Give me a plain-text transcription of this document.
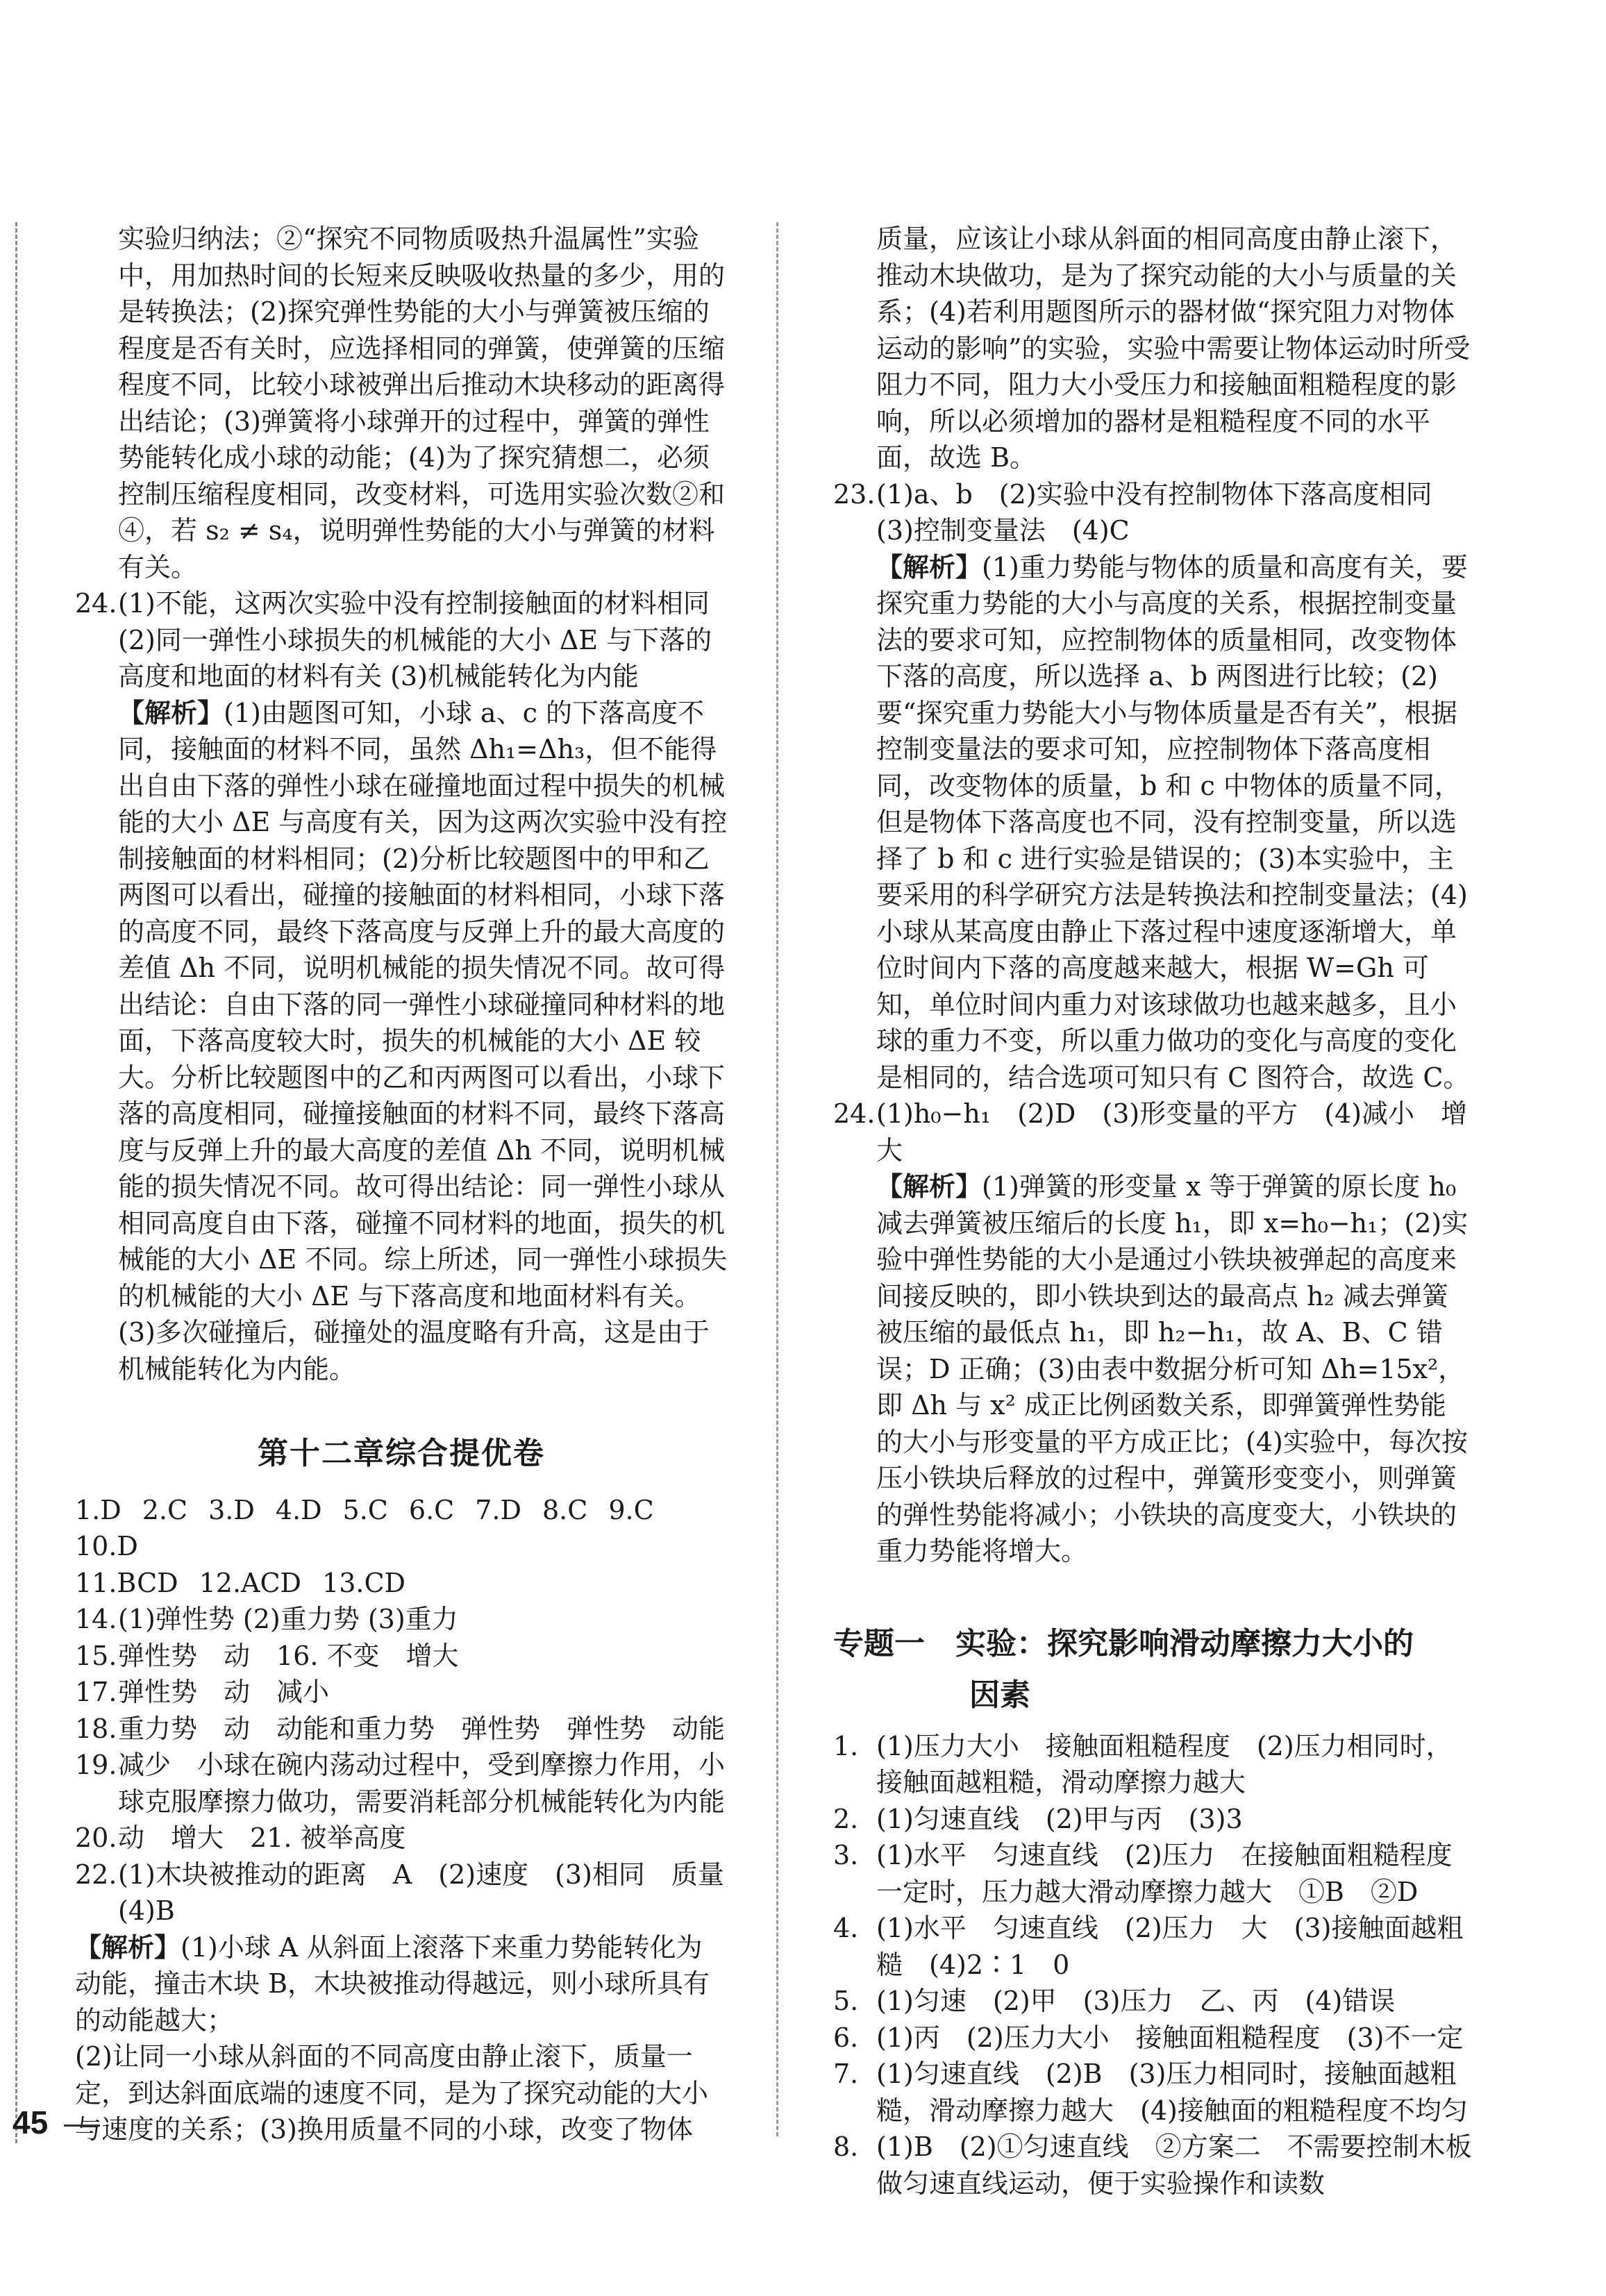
实验归纳法；②“探究不同物质吸热升温属性”实验中，用加热时间的长短来反映吸收热量的多少，用的是转换法；(2)探究弹性势能的大小与弹簧被压缩的程度是否有关时，应选择相同的弹簧，使弹簧的压缩程度不同，比较小球被弹出后推动木块移动的距离得出结论；(3)弹簧将小球弹开的过程中，弹簧的弹性势能转化成小球的动能；(4)为了探究猜想二，必须控制压缩程度相同，改变材料，可选用实验次数②和④，若 s₂ ≠ s₄，说明弹性势能的大小与弹簧的材料有关。
24. (1)不能，这两次实验中没有控制接触面的材料相同
(2)同一弹性小球损失的机械能的大小 ΔE 与下落的高度和地面的材料有关 (3)机械能转化为内能
【解析】(1)由题图可知，小球 a、c 的下落高度不同，接触面的材料不同，虽然 Δh₁=Δh₃，但不能得出自由下落的弹性小球在碰撞地面过程中损失的机械能的大小 ΔE 与高度有关，因为这两次实验中没有控制接触面的材料相同；(2)分析比较题图中的甲和乙两图可以看出，碰撞的接触面的材料相同，小球下落的高度不同，最终下落高度与反弹上升的最大高度的差值 Δh 不同，说明机械能的损失情况不同。故可得出结论：自由下落的同一弹性小球碰撞同种材料的地面，下落高度较大时，损失的机械能的大小 ΔE 较大。分析比较题图中的乙和丙两图可以看出，小球下落的高度相同，碰撞接触面的材料不同，最终下落高度与反弹上升的最大高度的差值 Δh 不同，说明机械能的损失情况不同。故可得出结论：同一弹性小球从相同高度自由下落，碰撞不同材料的地面，损失的机械能的大小 ΔE 不同。综上所述，同一弹性小球损失的机械能的大小 ΔE 与下落高度和地面材料有关。(3)多次碰撞后，碰撞处的温度略有升高，这是由于机械能转化为内能。
第十二章综合提优卷
1.D 2.C 3.D 4.D 5.C 6.C 7.D 8.C 9.C
10.D
11.BCD 12.ACD 13.CD
14. (1)弹性势 (2)重力势 (3)重力
15. 弹性势　动　16. 不变　增大
17. 弹性势　动　减小
18. 重力势　动　动能和重力势　弹性势　弹性势　动能
19. 减少　小球在碗内荡动过程中，受到摩擦力作用，小球克服摩擦力做功，需要消耗部分机械能转化为内能
20. 动　增大　21. 被举高度
22. (1)木块被推动的距离　A　(2)速度　(3)相同　质量　(4)B
【解析】(1)小球 A 从斜面上滚落下来重力势能转化为动能，撞击木块 B，木块被推动得越远，则小球所具有的动能越大；
(2)让同一小球从斜面的不同高度由静止滚下，质量一定，到达斜面底端的速度不同，是为了探究动能的大小与速度的关系；(3)换用质量不同的小球，改变了物体
质量，应该让小球从斜面的相同高度由静止滚下，推动木块做功，是为了探究动能的大小与质量的关系；(4)若利用题图所示的器材做“探究阻力对物体运动的影响”的实验，实验中需要让物体运动时所受阻力不同，阻力大小受压力和接触面粗糙程度的影响，所以必须增加的器材是粗糙程度不同的水平面，故选 B。
23. (1)a、b　(2)实验中没有控制物体下落高度相同　(3)控制变量法　(4)C
【解析】(1)重力势能与物体的质量和高度有关，要探究重力势能的大小与高度的关系，根据控制变量法的要求可知，应控制物体的质量相同，改变物体下落的高度，所以选择 a、b 两图进行比较；(2)要“探究重力势能大小与物体质量是否有关”，根据控制变量法的要求可知，应控制物体下落高度相同，改变物体的质量，b 和 c 中物体的质量不同，但是物体下落高度也不同，没有控制变量，所以选择了 b 和 c 进行实验是错误的；(3)本实验中，主要采用的科学研究方法是转换法和控制变量法；(4)小球从某高度由静止下落过程中速度逐渐增大，单位时间内下落的高度越来越大，根据 W=Gh 可知，单位时间内重力对该球做功也越来越多，且小球的重力不变，所以重力做功的变化与高度的变化是相同的，结合选项可知只有 C 图符合，故选 C。
24. (1)h₀−h₁　(2)D　(3)形变量的平方　(4)减小　增大
【解析】(1)弹簧的形变量 x 等于弹簧的原长度 h₀ 减去弹簧被压缩后的长度 h₁，即 x=h₀−h₁；(2)实验中弹性势能的大小是通过小铁块被弹起的高度来间接反映的，即小铁块到达的最高点 h₂ 减去弹簧被压缩的最低点 h₁，即 h₂−h₁，故 A、B、C 错误；D 正确；(3)由表中数据分析可知 Δh=15x²，即 Δh 与 x² 成正比例函数关系，即弹簧弹性势能的大小与形变量的平方成正比；(4)实验中，每次按压小铁块后释放的过程中，弹簧形变变小，则弹簧的弹性势能将减小；小铁块的高度变大，小铁块的重力势能将增大。
专题一　实验：探究影响滑动摩擦力大小的
因素
1. (1)压力大小　接触面粗糙程度　(2)压力相同时，接触面越粗糙，滑动摩擦力越大
2. (1)匀速直线　(2)甲与丙　(3)3
3. (1)水平　匀速直线　(2)压力　在接触面粗糙程度一定时，压力越大滑动摩擦力越大　①B　②D
4. (1)水平　匀速直线　(2)压力　大　(3)接触面越粗糙　(4)2∶1　0
5. (1)匀速　(2)甲　(3)压力　乙、丙　(4)错误
6. (1)丙　(2)压力大小　接触面粗糙程度　(3)不一定
7. (1)匀速直线　(2)B　(3)压力相同时，接触面越粗糙，滑动摩擦力越大　(4)接触面的粗糙程度不均匀
8. (1)B　(2)①匀速直线　②方案二　不需要控制木板做匀速直线运动，便于实验操作和读数
45
